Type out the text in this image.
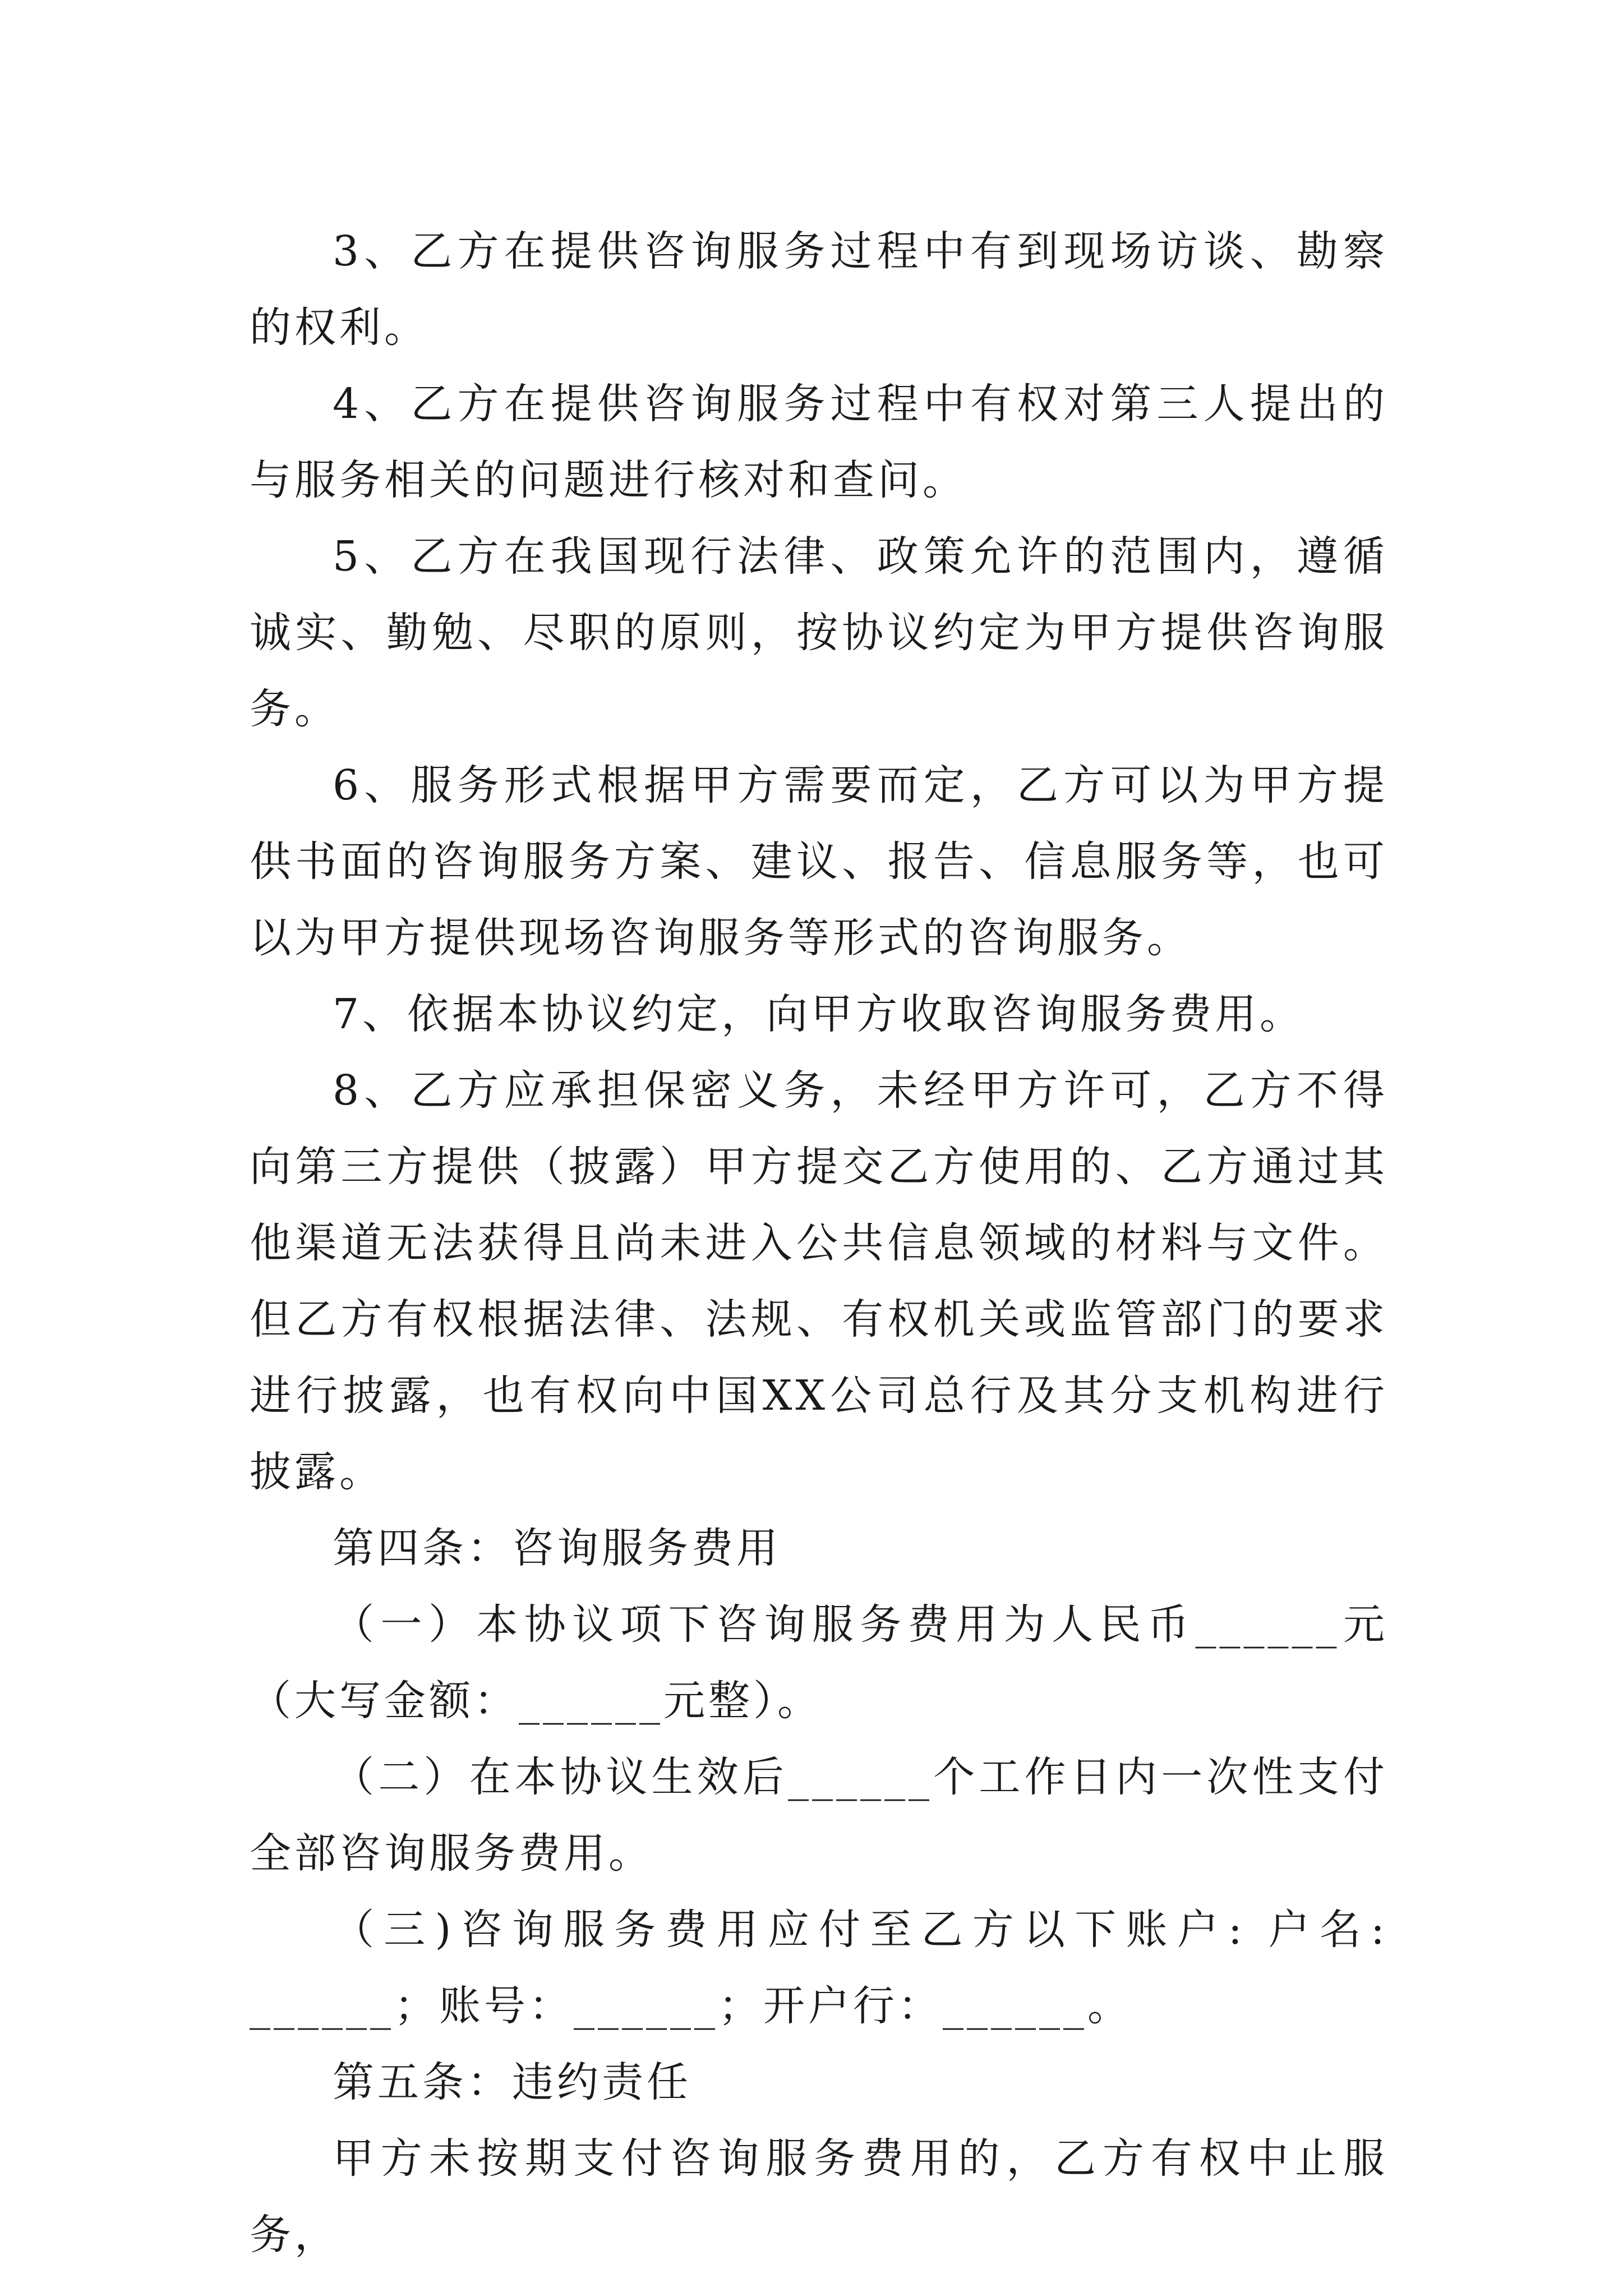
3、乙方在提供咨询服务过程中有到现场访谈、勘察的权利。

4、乙方在提供咨询服务过程中有权对第三人提出的与服务相关的问题进行核对和查问。

5、乙方在我国现行法律、政策允许的范围内，遵循诚实、勤勉、尽职的原则，按协议约定为甲方提供咨询服务。

6、服务形式根据甲方需要而定，乙方可以为甲方提供书面的咨询服务方案、建议、报告、信息服务等，也可以为甲方提供现场咨询服务等形式的咨询服务。

7、依据本协议约定，向甲方收取咨询服务费用。

8、乙方应承担保密义务，未经甲方许可，乙方不得向第三方提供（披露）甲方提交乙方使用的、乙方通过其他渠道无法获得且尚未进入公共信息领域的材料与文件。但乙方有权根据法律、法规、有权机关或监管部门的要求进行披露，也有权向中国XX公司总行及其分支机构进行披露。

第四条：咨询服务费用

（一）本协议项下咨询服务费用为人民币______元（大写金额：______元整）。

（二）在本协议生效后______个工作日内一次性支付全部咨询服务费用。

（三)咨询服务费用应付至乙方以下账户: 户名: ______；账号：______；开户行：______。

第五条：违约责任

甲方未按期支付咨询服务费用的，乙方有权中止服务，
